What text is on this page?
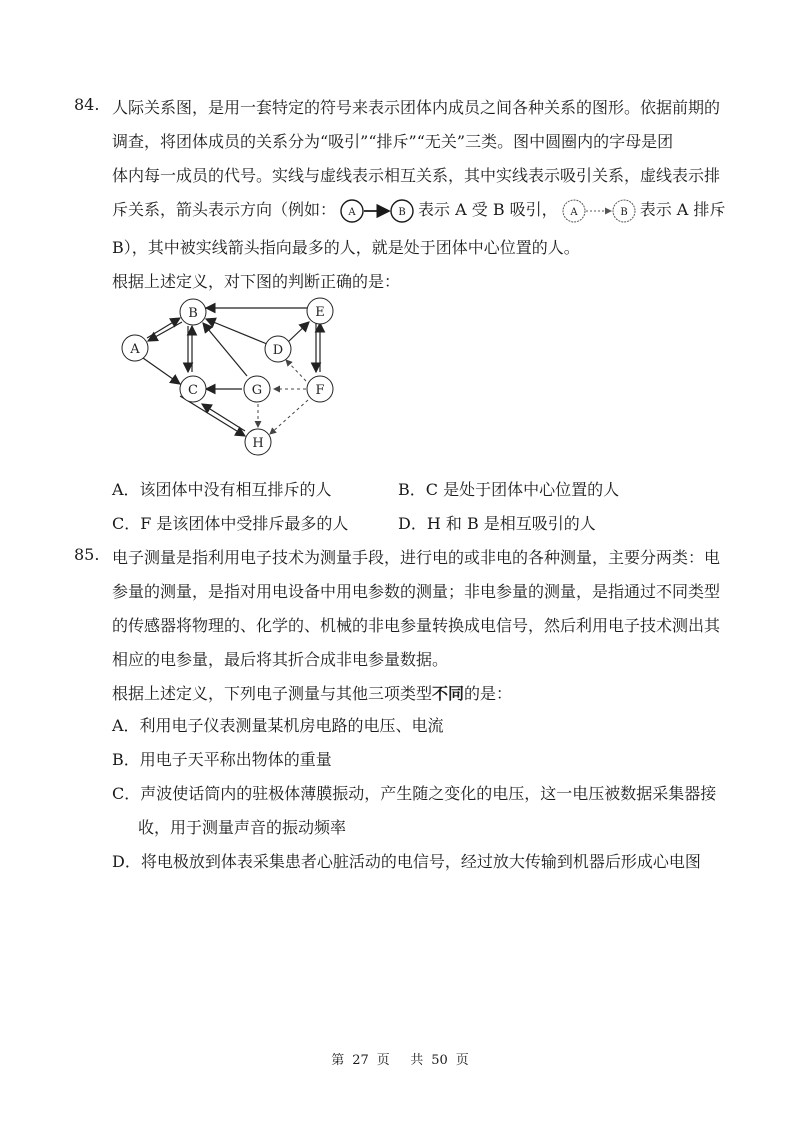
84. 人际关系图，是用一套特定的符号来表示团体内成员之间各种关系的图形。依据前期的
调查，将团体成员的关系分为“吸引”“排斥”“无关”三类。图中圆圈内的字母是团
体内每一成员的代号。实线与虚线表示相互关系，其中实线表示吸引关系，虚线表示排
斥关系，箭头表示方向（例如： A	B 表示 A 受 B 吸引， A	B 表示 A 排斥
B），其中被实线箭头指向最多的人，就是处于团体中心位置的人。
根据上述定义，对下图的判断正确的是：
A
B
C
D
E
F
G
H
A．该团体中没有相互排斥的人	B．C 是处于团体中心位置的人
C．F 是该团体中受排斥最多的人	D．H 和 B 是相互吸引的人
85. 电子测量是指利用电子技术为测量手段，进行电的或非电的各种测量，主要分两类：电
参量的测量，是指对用电设备中用电参数的测量；非电参量的测量，是指通过不同类型
的传感器将物理的、化学的、机械的非电参量转换成电信号，然后利用电子技术测出其
相应的电参量，最后将其折合成非电参量数据。
根据上述定义，下列电子测量与其他三项类型不同的是：
A．利用电子仪表测量某机房电路的电压、电流
B．用电子天平称出物体的重量
C．声波使话筒内的驻极体薄膜振动，产生随之变化的电压，这一电压被数据采集器接
收，用于测量声音的振动频率
D．将电极放到体表采集患者心脏活动的电信号，经过放大传输到机器后形成心电图
第 27 页 共 50 页
